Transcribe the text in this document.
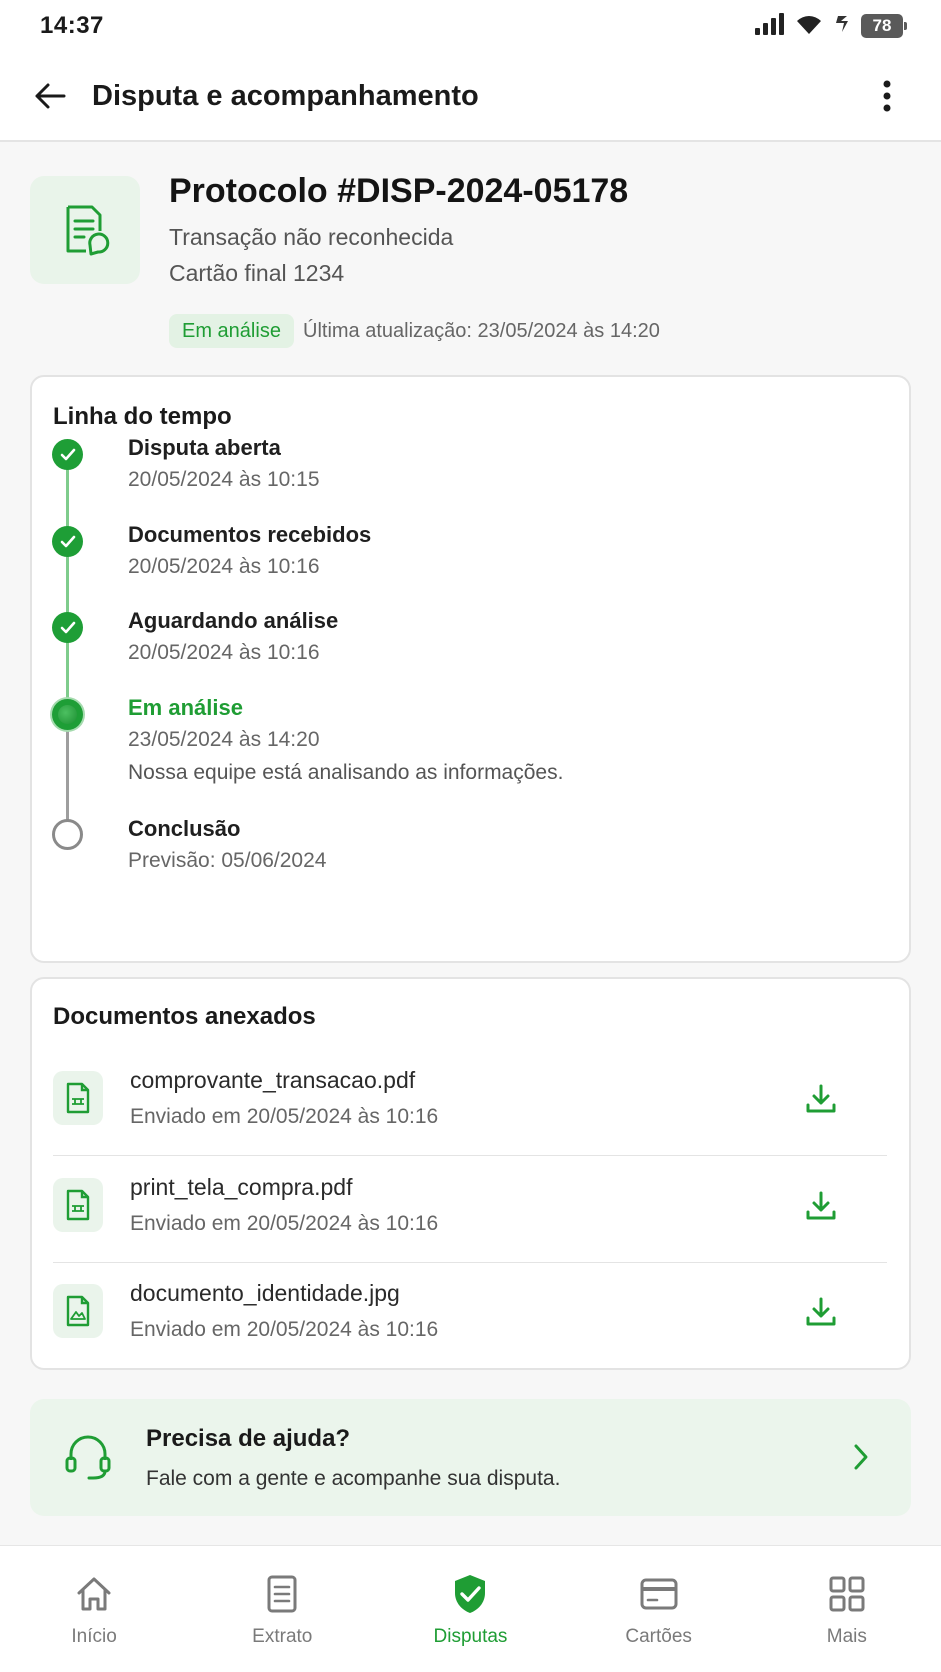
14:37	78
Disputa e acompanhamento
Protocolo #DISP-2024-05178
Transação não reconhecida
Cartão final 1234
Em análise	Última atualização: 23/05/2024 às 14:20
Linha do tempo
Disputa aberta
20/05/2024 às 10:15
Documentos recebidos
20/05/2024 às 10:16
Aguardando análise
20/05/2024 às 10:16
Em análise
23/05/2024 às 14:20
Nossa equipe está analisando as informações.
Conclusão
Previsão: 05/06/2024
Documentos anexados
comprovante_transacao.pdf
Enviado em 20/05/2024 às 10:16
print_tela_compra.pdf
Enviado em 20/05/2024 às 10:16
documento_identidade.jpg
Enviado em 20/05/2024 às 10:16
Precisa de ajuda?
Fale com a gente e acompanhe sua disputa.
Início	Extrato	Disputas	Cartões	Mais
